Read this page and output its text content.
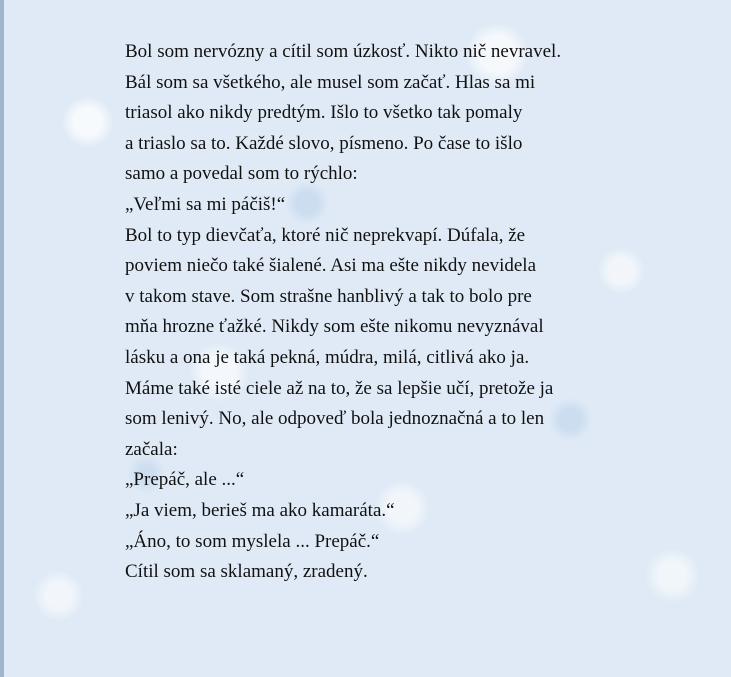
Bol som nervózny a cítil som úzkosť. Nikto nič nevravel.
Bál som sa všetkého, ale musel som začať. Hlas sa mi
triasol ako nikdy predtým. Išlo to všetko tak pomaly
a triaslo sa to. Každé slovo, písmeno. Po čase to išlo
samo a povedal som to rýchlo:
„Veľmi sa mi páčiš!“
Bol to typ dievčaťa, ktoré nič neprekvapí. Dúfala, že
poviem niečo také šialené. Asi ma ešte nikdy nevidela
v takom stave. Som strašne hanblivý a tak to bolo pre
mňa hrozne ťažké. Nikdy som ešte nikomu nevyznával
lásku a ona je taká pekná, múdra, milá, citlivá ako ja.
Máme také isté ciele až na to, že sa lepšie učí, pretože ja
som lenivý. No, ale odpoveď bola jednoznačná a to len
začala:
„Prepáč, ale ...“
„Ja viem, berieš ma ako kamaráta.“
„Áno, to som myslela ... Prepáč.“
Cítil som sa sklamaný, zradený.
